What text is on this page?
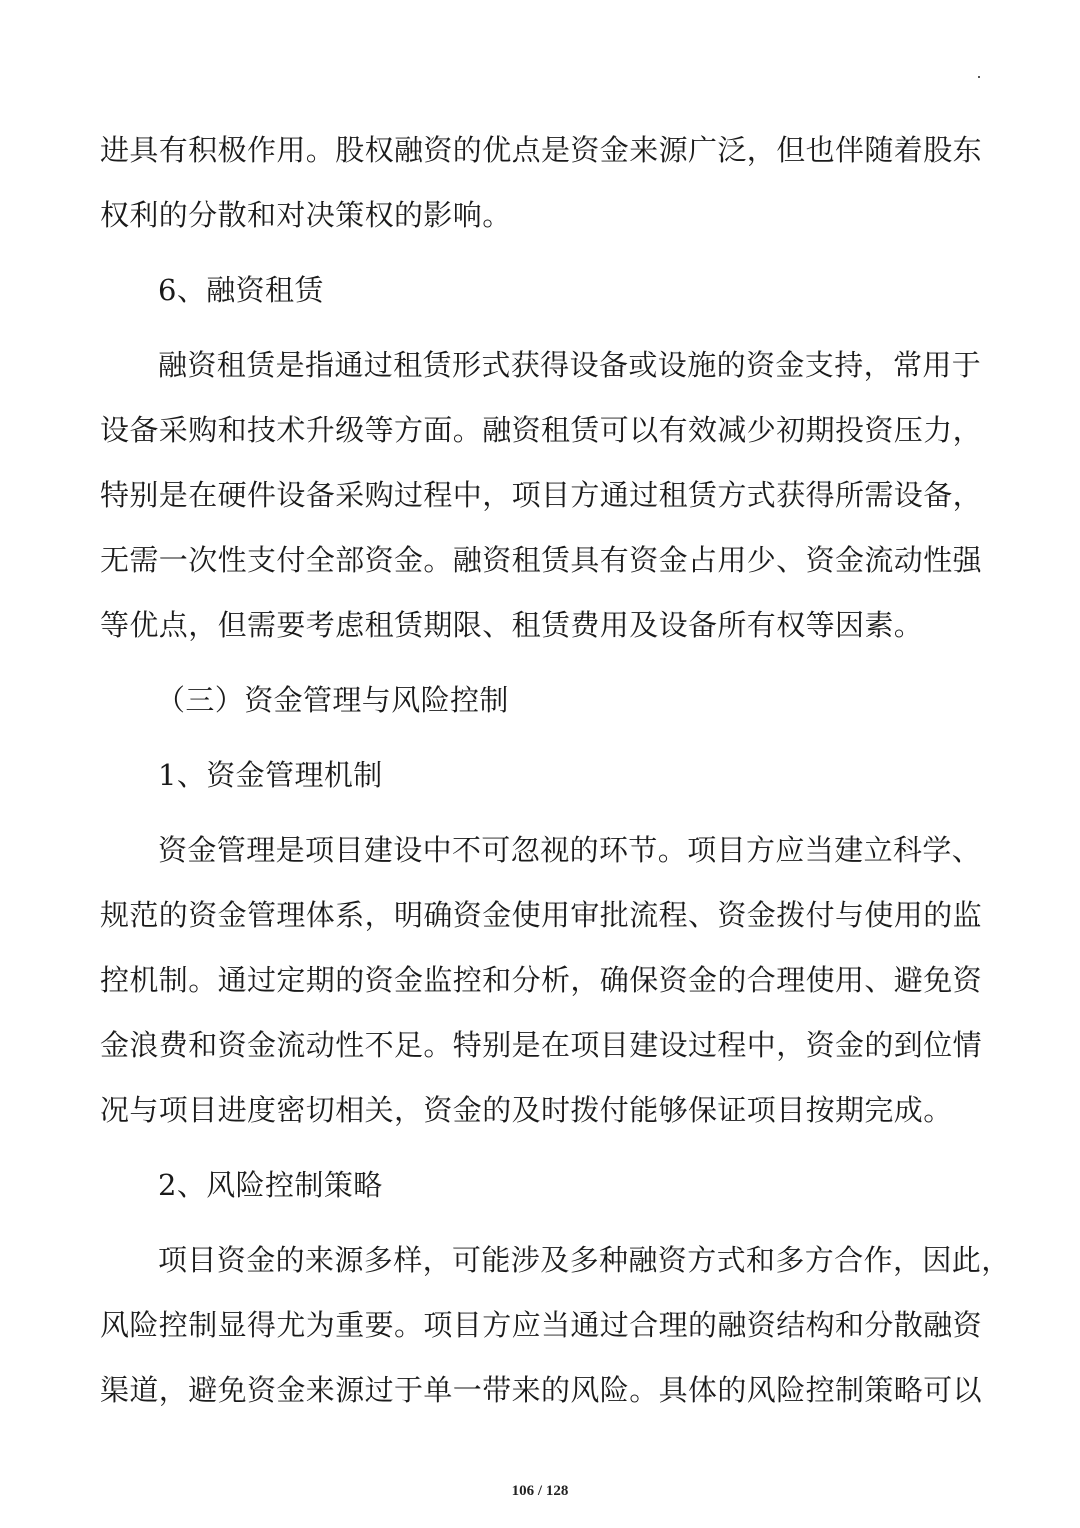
进具有积极作用。股权融资的优点是资金来源广泛，但也伴随着股东
权利的分散和对决策权的影响。
6、融资租赁
融资租赁是指通过租赁形式获得设备或设施的资金支持，常用于
设备采购和技术升级等方面。融资租赁可以有效减少初期投资压力，
特别是在硬件设备采购过程中，项目方通过租赁方式获得所需设备，
无需一次性支付全部资金。融资租赁具有资金占用少、资金流动性强
等优点，但需要考虑租赁期限、租赁费用及设备所有权等因素。
（三）资金管理与风险控制
1、资金管理机制
资金管理是项目建设中不可忽视的环节。项目方应当建立科学、
规范的资金管理体系，明确资金使用审批流程、资金拨付与使用的监
控机制。通过定期的资金监控和分析，确保资金的合理使用、避免资
金浪费和资金流动性不足。特别是在项目建设过程中，资金的到位情
况与项目进度密切相关，资金的及时拨付能够保证项目按期完成。
2、风险控制策略
项目资金的来源多样，可能涉及多种融资方式和多方合作，因此，
风险控制显得尤为重要。项目方应当通过合理的融资结构和分散融资
渠道，避免资金来源过于单一带来的风险。具体的风险控制策略可以
106 / 128
